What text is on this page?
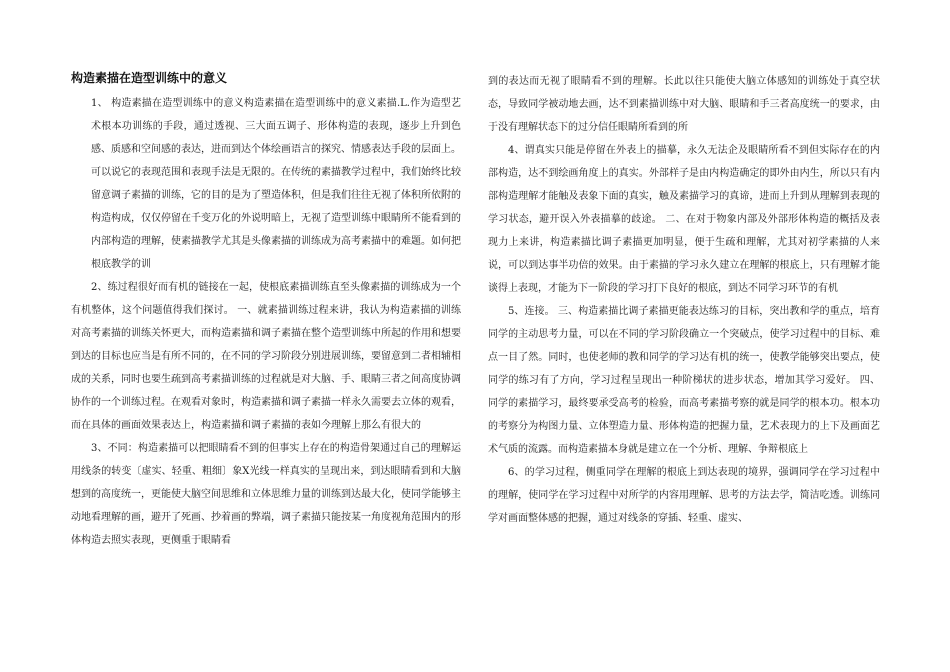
构造素描在造型训练中的意义

1、 构造素描在造型训练中的意义构造素描在造型训练中的意义素描.L.作为造型艺术根本功训练的手段，通过透视、三大面五调子、形体构造的表现，逐步上升到色感、质感和空间感的表达，进而到达个体绘画语言的探究、情感表达手段的层面上。可以说它的表现范围和表现手法是无限的。在传统的素描教学过程中，我们始终比较留意调子素描的训练，它的目的是为了塑造体积，但是我们往往无视了体积所依附的构造构成，仅仅停留在千变万化的外说明暗上，无视了造型训练中眼睛所不能看到的内部构造的理解，使素描教学尤其是头像素描的训练成为高考素描中的难题。如何把根底教学的训

2、练过程很好而有机的链接在一起，使根底素描训练直至头像素描的训练成为一个有机整体，这个问题值得我们探讨。 一、就素描训练过程来讲，我认为构造素描的训练对高考素描的训练关怀更大，而构造素描和调子素描在整个造型训练中所起的作用和想要到达的目标也应当是有所不同的，在不同的学习阶段分别进展训练，要留意到二者相辅相成的关系，同时也要生疏到高考素描训练的过程就是对大脑、手、眼睛三者之间高度协调协作的一个训练过程。在观看对象时，构造素描和调子素描一样永久需要去立体的观看，而在具体的画面效果表达上，构造素描和调子素描的表如今理解上那么有很大的

3、不同：构造素描可以把眼睛看不到的但事实上存在的构造骨架通过自己的理解运用线条的转变〔虚实、轻重、粗细〕象X光线一样真实的呈现出来，到达眼睛看到和大脑想到的高度统一，更能使大脑空间思维和立体思维力量的训练到达最大化，使同学能够主动地看理解的画，避开了死画、抄着画的弊端，调子素描只能按某一角度视角范围内的形体构造去照实表现，更侧重于眼睛看

到的表达而无视了眼睛看不到的理解。长此以往只能使大脑立体感知的训练处于真空状态，导致同学被动地去画，达不到素描训练中对大脑、眼睛和手三者高度统一的要求，由于没有理解状态下的过分信任眼睛所看到的所

4、谓真实只能是停留在外表上的描摹，永久无法企及眼睛所看不到但实际存在的内部构造，达不到绘画角度上的真实。外部样子是由内构造确定的即外由内生，所以只有内部构造理解才能触及表象下面的真实，触及素描学习的真谛，进而上升到从理解到表现的学习状态，避开误入外表描摹的歧途。 二、在对于物象内部及外部形体构造的概括及表现力上来讲，构造素描比调子素描更加明显，便于生疏和理解，尤其对初学素描的人来说，可以到达事半功倍的效果。由于素描的学习永久建立在理解的根底上，只有理解才能谈得上表现，才能为下一阶段的学习打下良好的根底，到达不同学习环节的有机

5、连接。 三、构造素描比调子素描更能表达练习的目标，突出教和学的重点，培育同学的主动思考力量，可以在不同的学习阶段确立一个突破点，使学习过程中的目标、难点一目了然。同时，也使老师的教和同学的学习达有机的统一，使教学能够突出要点，使同学的练习有了方向，学习过程呈现出一种阶梯状的进步状态，增加其学习爱好。 四、同学的素描学习，最终要承受高考的检验，而高考素描考察的就是同学的根本功。根本功的考察分为构图力量、立体塑造力量、形体构造的把握力量，艺术表现力的上下及画面艺术气质的流露。而构造素描本身就是建立在一个分析、理解、争辩根底上

6、的学习过程，侧重同学在理解的根底上到达表现的境界，强调同学在学习过程中的理解，使同学在学习过程中对所学的内容用理解、思考的方法去学，简洁吃透。训练同学对画面整体感的把握，通过对线条的穿插、轻重、虚实、
